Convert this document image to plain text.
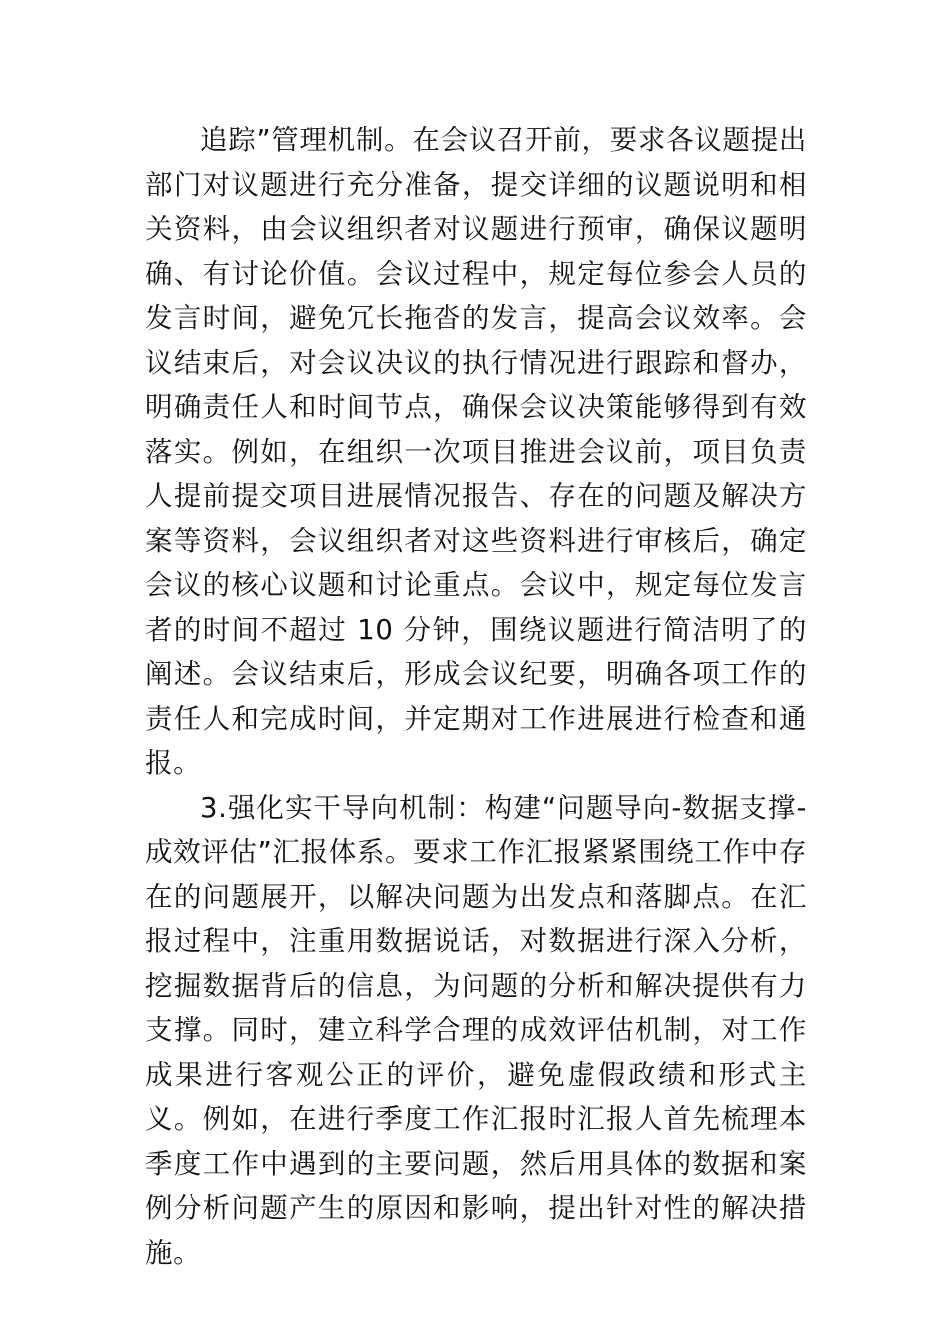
追踪”管理机制。在会议召开前，要求各议题提出部门对议题进行充分准备，提交详细的议题说明和相关资料，由会议组织者对议题进行预审，确保议题明确、有讨论价值。会议过程中，规定每位参会人员的发言时间，避免冗长拖沓的发言，提高会议效率。会议结束后，对会议决议的执行情况进行跟踪和督办，明确责任人和时间节点，确保会议决策能够得到有效落实。例如，在组织一次项目推进会议前，项目负责人提前提交项目进展情况报告、存在的问题及解决方案等资料，会议组织者对这些资料进行审核后，确定会议的核心议题和讨论重点。会议中，规定每位发言者的时间不超过 10 分钟，围绕议题进行简洁明了的阐述。会议结束后，形成会议纪要，明确各项工作的责任人和完成时间，并定期对工作进展进行检查和通报。

3.强化实干导向机制：构建“问题导向-数据支撑-成效评估”汇报体系。要求工作汇报紧紧围绕工作中存在的问题展开，以解决问题为出发点和落脚点。在汇报过程中，注重用数据说话，对数据进行深入分析，挖掘数据背后的信息，为问题的分析和解决提供有力支撑。同时，建立科学合理的成效评估机制，对工作成果进行客观公正的评价，避免虚假政绩和形式主义。例如，在进行季度工作汇报时汇报人首先梳理本季度工作中遇到的主要问题，然后用具体的数据和案例分析问题产生的原因和影响，提出针对性的解决措施。
